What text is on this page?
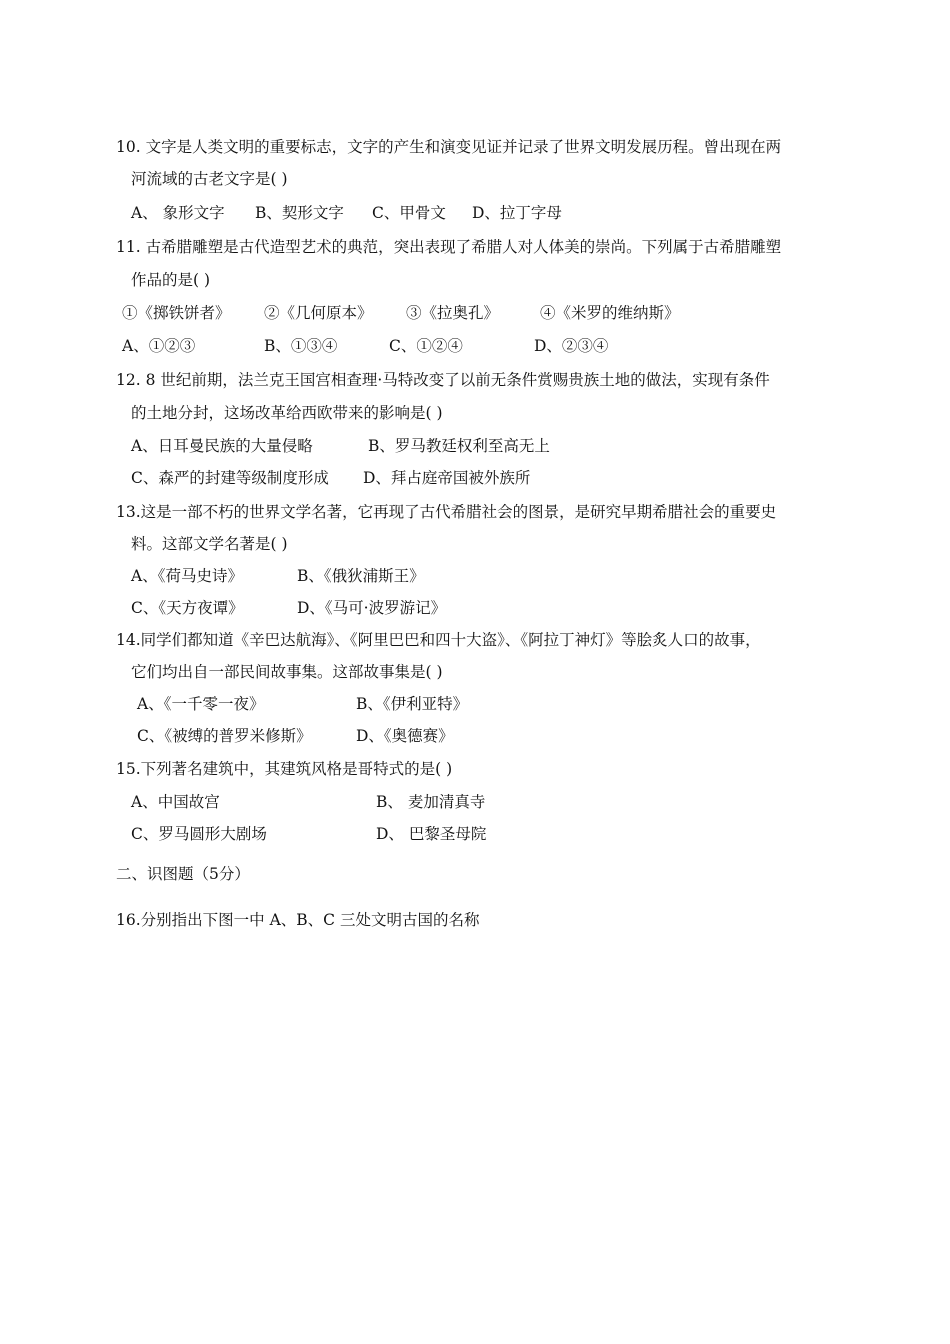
10. 文字是人类文明的重要标志，文字的产生和演变见证并记录了世界文明发展历程。曾出现在两
河流域的古老文字是( )
A、 象形文字 B、契形文字 C、甲骨文 D、拉丁字母
11. 古希腊雕塑是古代造型艺术的典范，突出表现了希腊人对人体美的崇尚。下列属于古希腊雕塑
作品的是( )
①《掷铁饼者》 ②《几何原本》 ③《拉奥孔》	④《米罗的维纳斯》
A、①②③	B、①③④	C、①②④	D、②③④
12. 8 世纪前期，法兰克王国宫相查理·马特改变了以前无条件赏赐贵族土地的做法，实现有条件
的土地分封，这场改革给西欧带来的影响是( )
A、日耳曼民族的大量侵略	B、罗马教廷权利至高无上
C、森严的封建等级制度形成 D、拜占庭帝国被外族所
13.这是一部不朽的世界文学名著，它再现了古代希腊社会的图景，是研究早期希腊社会的重要史
料。这部文学名著是( )
A、《荷马史诗》	B、《俄狄浦斯王》
C、《天方夜谭》	D、《马可·波罗游记》
14.同学们都知道《辛巴达航海》、《阿里巴巴和四十大盗》、《阿拉丁神灯》等脍炙人口的故事，
它们均出自一部民间故事集。这部故事集是( )
A、《一千零一夜》	B、《伊利亚特》
C、《被缚的普罗米修斯》	D、《奥德赛》
15.下列著名建筑中，其建筑风格是哥特式的是( )
A、中国故宫	B、 麦加清真寺
C、罗马圆形大剧场	D、 巴黎圣母院
二、识图题（5分）
16.分别指出下图一中 A、B、C 三处文明古国的名称
